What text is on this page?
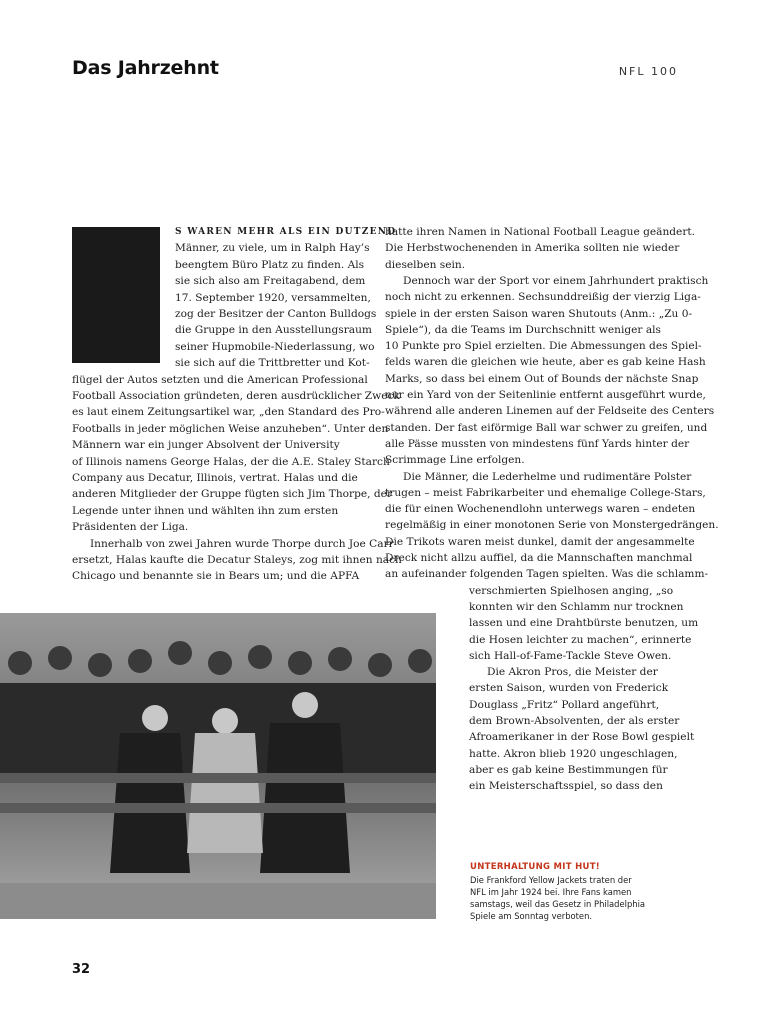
Das Jahrzehnt	NFL 100
S WAREN MEHR ALS EIN DUTZEND
Männer, zu viele, um in Ralph Hay’s
beengtem Büro Platz zu finden. Als
sie sich also am Freitagabend, dem
17. September 1920, versammelten,
zog der Besitzer der Canton Bulldogs
die Gruppe in den Ausstellungsraum
seiner Hupmobile-Niederlassung, wo
sie sich auf die Trittbretter und Kot-
flügel der Autos setzten und die American Professional
Football Association gründeten, deren ausdrücklicher Zweck
es laut einem Zeitungsartikel war, „den Standard des Pro-
Footballs in jeder möglichen Weise anzuheben“. Unter den
Männern war ein junger Absolvent der University
of Illinois namens George Halas, der die A.E. Staley Starch
Company aus Decatur, Illinois, vertrat. Halas und die
anderen Mitglieder der Gruppe fügten sich Jim Thorpe, der
Legende unter ihnen und wählten ihn zum ersten
Präsidenten der Liga.
Innerhalb von zwei Jahren wurde Thorpe durch Joe Carr
ersetzt, Halas kaufte die Decatur Staleys, zog mit ihnen nach
Chicago und benannte sie in Bears um; und die APFA
hatte ihren Namen in National Football League geändert.
Die Herbstwochenenden in Amerika sollten nie wieder
dieselben sein.
Dennoch war der Sport vor einem Jahrhundert praktisch
noch nicht zu erkennen. Sechsunddreißig der vierzig Liga-
spiele in der ersten Saison waren Shutouts (Anm.: „Zu 0-
Spiele“), da die Teams im Durchschnitt weniger als
10 Punkte pro Spiel erzielten. Die Abmessungen des Spiel-
felds waren die gleichen wie heute, aber es gab keine Hash
Marks, so dass bei einem Out of Bounds der nächste Snap
nur ein Yard von der Seitenlinie entfernt ausgeführt wurde,
während alle anderen Linemen auf der Feldseite des Centers
standen. Der fast eiförmige Ball war schwer zu greifen, und
alle Pässe mussten von mindestens fünf Yards hinter der
Scrimmage Line erfolgen.
Die Männer, die Lederhelme und rudimentäre Polster
trugen – meist Fabrikarbeiter und ehemalige College-Stars,
die für einen Wochenendlohn unterwegs waren – endeten
regelmäßig in einer monotonen Serie von Monstergedrängen.
Die Trikots waren meist dunkel, damit der angesammelte
Dreck nicht allzu auffiel, da die Mannschaften manchmal
an aufeinander folgenden Tagen spielten. Was die schlamm-
verschmierten Spielhosen anging, „so
konnten wir den Schlamm nur trocknen
lassen und eine Drahtbürste benutzen, um
die Hosen leichter zu machen“, erinnerte
sich Hall-of-Fame-Tackle Steve Owen.
Die Akron Pros, die Meister der
ersten Saison, wurden von Frederick
Douglass „Fritz“ Pollard angeführt,
dem Brown-Absolventen, der als erster
Afroamerikaner in der Rose Bowl gespielt
hatte. Akron blieb 1920 ungeschlagen,
aber es gab keine Bestimmungen für
ein Meisterschaftsspiel, so dass den
UNTERHALTUNG MIT HUT!
Die Frankford Yellow Jackets traten der
NFL im Jahr 1924 bei. Ihre Fans kamen
samstags, weil das Gesetz in Philadelphia
Spiele am Sonntag verboten.
32
